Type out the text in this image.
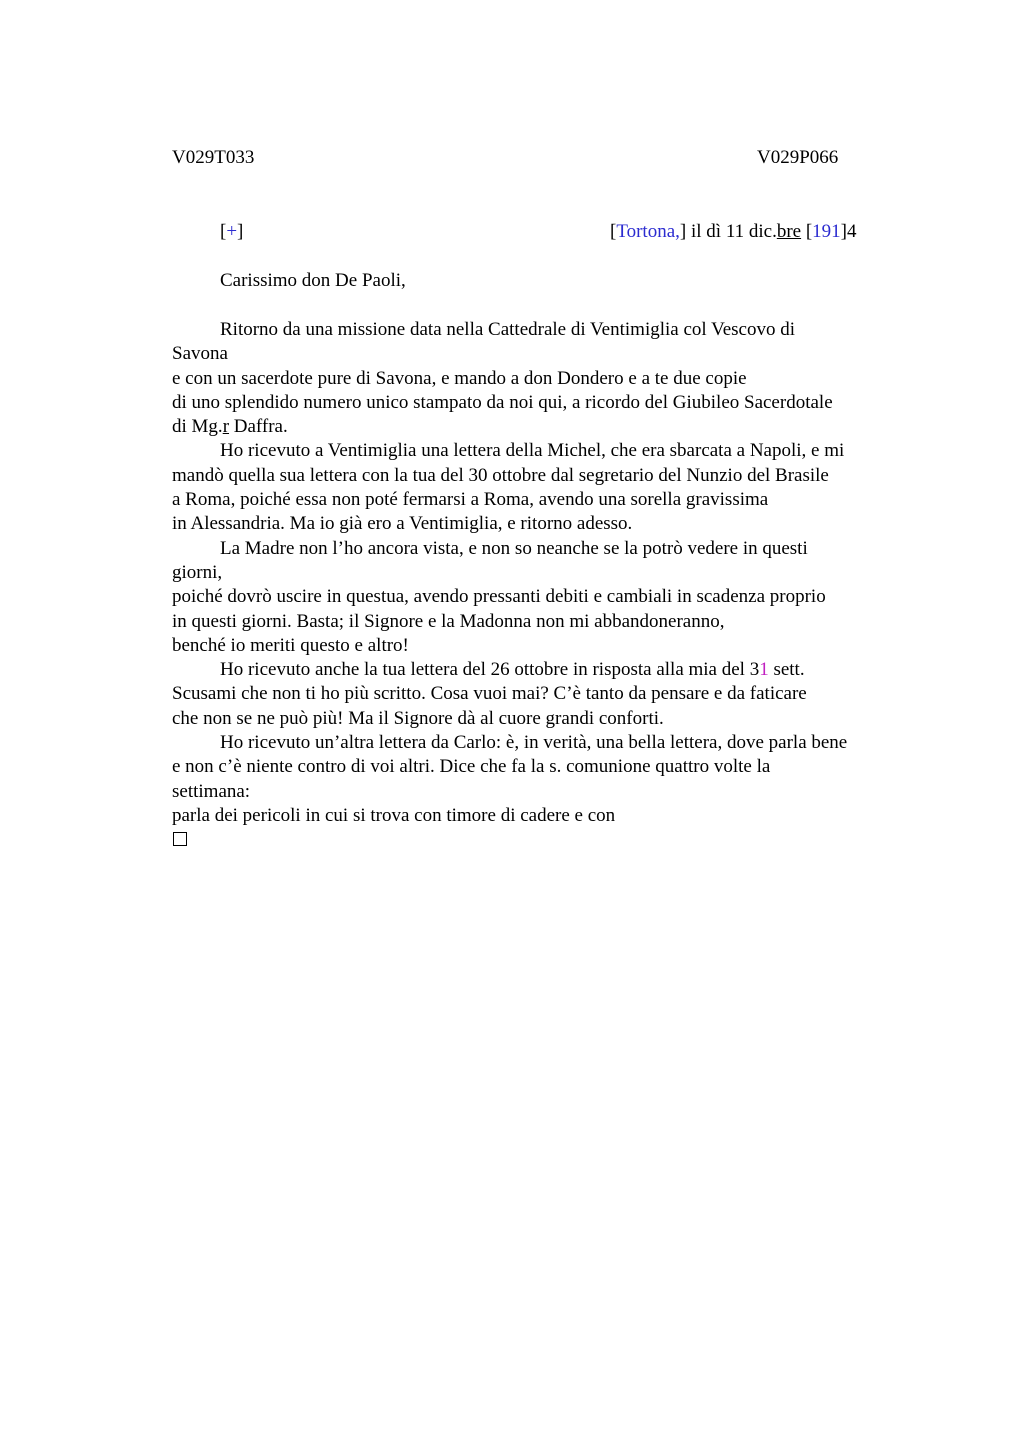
V029T033	V029P066
[+]	[Tortona,] il dì 11 dic.bre [191]4
Carissimo don De Paoli,
Ritorno da una missione data nella Cattedrale di Ventimiglia col Vescovo di
Savona
e con un sacerdote pure di Savona, e mando a don Dondero e a te due copie
di uno splendido numero unico stampato da noi qui, a ricordo del Giubileo Sacerdotale
di Mg.r Daffra.
Ho ricevuto a Ventimiglia una lettera della Michel, che era sbarcata a Napoli, e mi
mandò quella sua lettera con la tua del 30 ottobre dal segretario del Nunzio del Brasile
a Roma, poiché essa non poté fermarsi a Roma, avendo una sorella gravissima
in Alessandria. Ma io già ero a Ventimiglia, e ritorno adesso.
La Madre non l’ho ancora vista, e non so neanche se la potrò vedere in questi
giorni,
poiché dovrò uscire in questua, avendo pressanti debiti e cambiali in scadenza proprio
in questi giorni. Basta; il Signore e la Madonna non mi abbandoneranno,
benché io meriti questo e altro!
Ho ricevuto anche la tua lettera del 26 ottobre in risposta alla mia del 31 sett.
Scusami che non ti ho più scritto. Cosa vuoi mai? C’è tanto da pensare e da faticare
che non se ne può più! Ma il Signore dà al cuore grandi conforti.
Ho ricevuto un’altra lettera da Carlo: è, in verità, una bella lettera, dove parla bene
e non c’è niente contro di voi altri. Dice che fa la s. comunione quattro volte la
settimana:
parla dei pericoli in cui si trova con timore di cadere e con
